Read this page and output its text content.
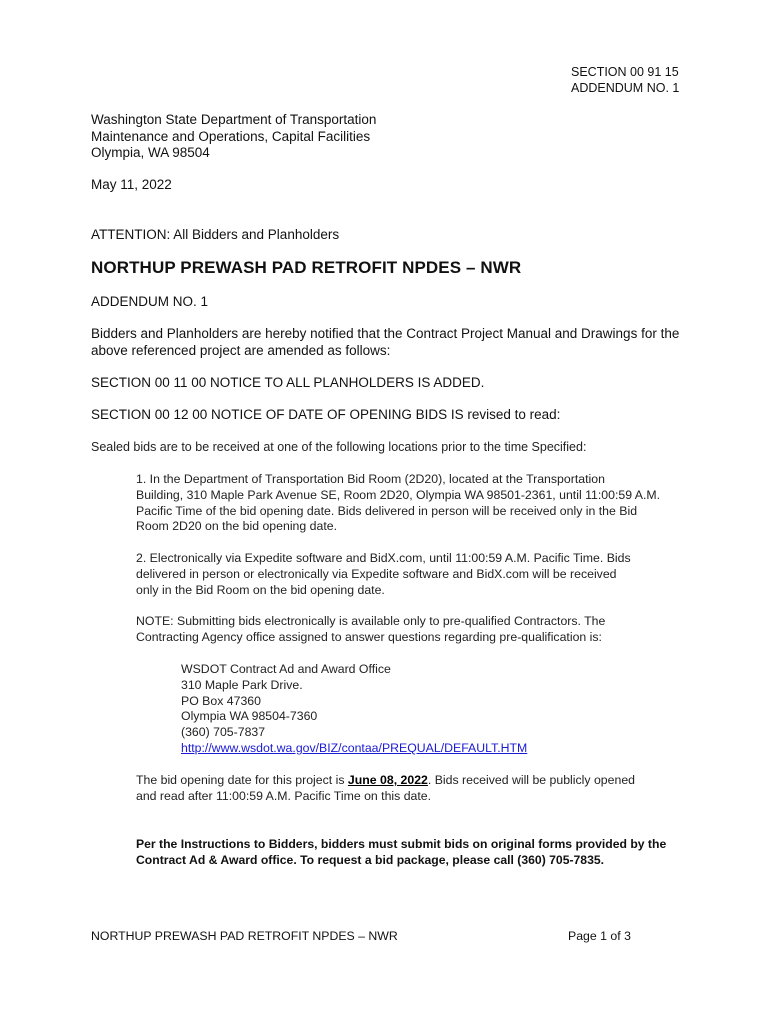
SECTION 00 91 15
ADDENDUM NO. 1
Washington State Department of Transportation
Maintenance and Operations, Capital Facilities
Olympia, WA 98504
May 11, 2022
ATTENTION: All Bidders and Planholders
NORTHUP PREWASH PAD RETROFIT NPDES – NWR
ADDENDUM NO. 1
Bidders and Planholders are hereby notified that the Contract Project Manual and Drawings for the
above referenced project are amended as follows:
SECTION 00 11 00 NOTICE TO ALL PLANHOLDERS IS ADDED.
SECTION 00 12 00 NOTICE OF DATE OF OPENING BIDS IS revised to read:
Sealed bids are to be received at one of the following locations prior to the time Specified:
1. In the Department of Transportation Bid Room (2D20), located at the Transportation
Building, 310 Maple Park Avenue SE, Room 2D20, Olympia WA 98501-2361, until 11:00:59 A.M.
Pacific Time of the bid opening date. Bids delivered in person will be received only in the Bid
Room 2D20 on the bid opening date.
2. Electronically via Expedite software and BidX.com, until 11:00:59 A.M. Pacific Time. Bids
delivered in person or electronically via Expedite software and BidX.com will be received
only in the Bid Room on the bid opening date.
NOTE: Submitting bids electronically is available only to pre-qualified Contractors. The
Contracting Agency office assigned to answer questions regarding pre-qualification is:
WSDOT Contract Ad and Award Office
310 Maple Park Drive.
PO Box 47360
Olympia WA 98504-7360
(360) 705-7837
http://www.wsdot.wa.gov/BIZ/contaa/PREQUAL/DEFAULT.HTM
The bid opening date for this project is June 08, 2022. Bids received will be publicly opened
and read after 11:00:59 A.M. Pacific Time on this date.
Per the Instructions to Bidders, bidders must submit bids on original forms provided by the
Contract Ad & Award office. To request a bid package, please call (360) 705-7835.
NORTHUP PREWASH PAD RETROFIT NPDES – NWR	Page 1 of 3
